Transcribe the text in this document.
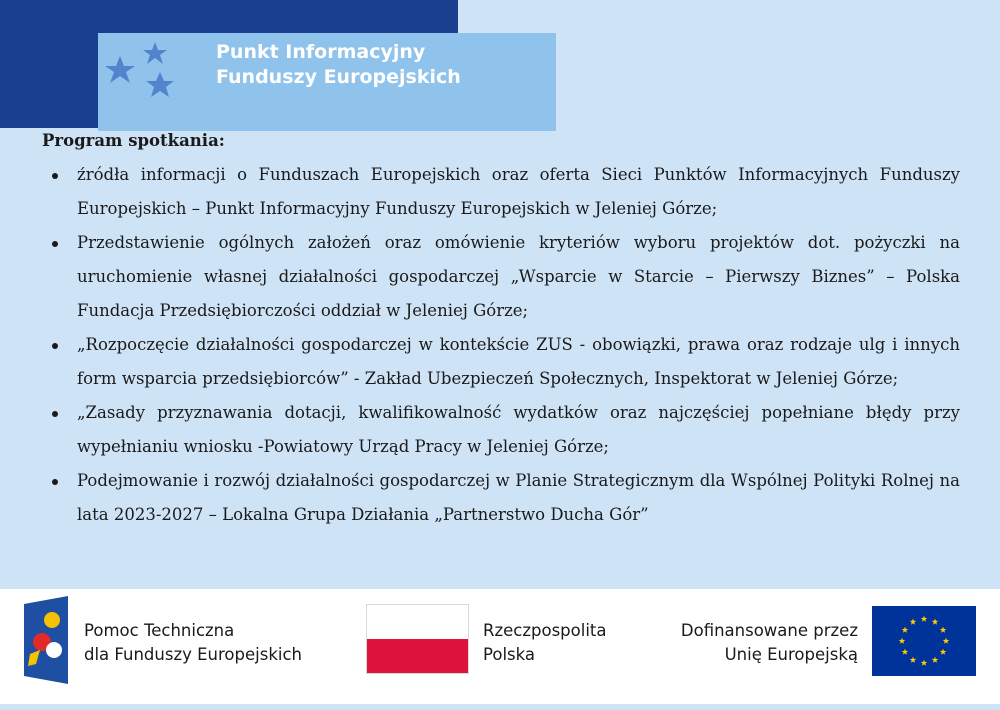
Punkt Informacyjny
Funduszy Europejskich
Program spotkania:
źródła informacji o Funduszach Europejskich oraz oferta Sieci Punktów Informacyjnych Funduszy Europejskich – Punkt Informacyjny Funduszy Europejskich w Jeleniej Górze;
Przedstawienie ogólnych założeń oraz omówienie kryteriów wyboru projektów dot. pożyczki na uruchomienie własnej działalności gospodarczej „Wsparcie w Starcie – Pierwszy Biznes” – Polska Fundacja Przedsiębiorczości oddział w Jeleniej Górze;
„Rozpoczęcie działalności gospodarczej w kontekście ZUS - obowiązki, prawa oraz rodzaje ulg i innych form wsparcia przedsiębiorców” - Zakład Ubezpieczeń Społecznych, Inspektorat w Jeleniej Górze;
„Zasady przyznawania dotacji, kwalifikowalność wydatków oraz najczęściej popełniane błędy przy wypełnianiu wniosku -Powiatowy Urząd Pracy w Jeleniej Górze;
Podejmowanie i rozwój działalności gospodarczej w Planie Strategicznym dla Wspólnej Polityki Rolnej na lata 2023-2027 – Lokalna Grupa Działania „Partnerstwo Ducha Gór”
Pomoc Techniczna
dla Funduszy Europejskich
Rzeczpospolita
Polska
Dofinansowane przez
Unię Europejską
